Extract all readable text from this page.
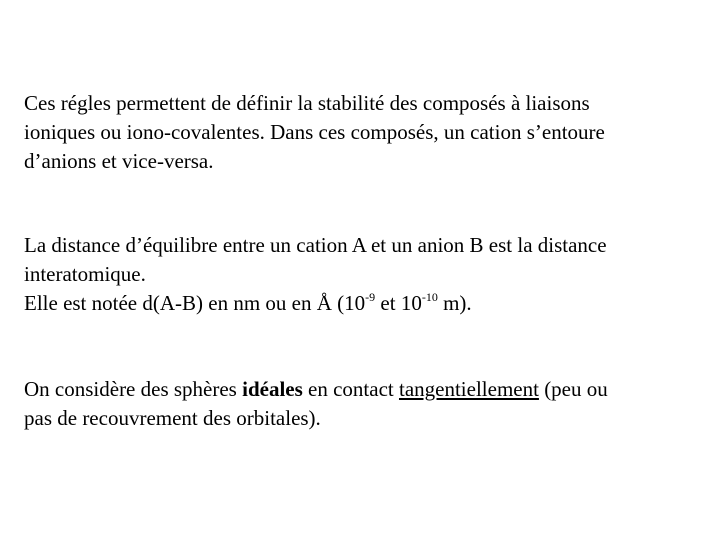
Ces régles permettent de définir la stabilité des composés à liaisons
ioniques ou iono-covalentes. Dans ces composés, un cation s’entoure
d’anions et vice-versa.

La distance d’équilibre entre un cation A et un anion B est la distance
interatomique.
Elle est notée d(A-B) en nm ou en Å ($10^{-9}$ et $10^{-10}$ m).

On considère des sphères idéales en contact tangentiellement (peu ou
pas de recouvrement des orbitales).
